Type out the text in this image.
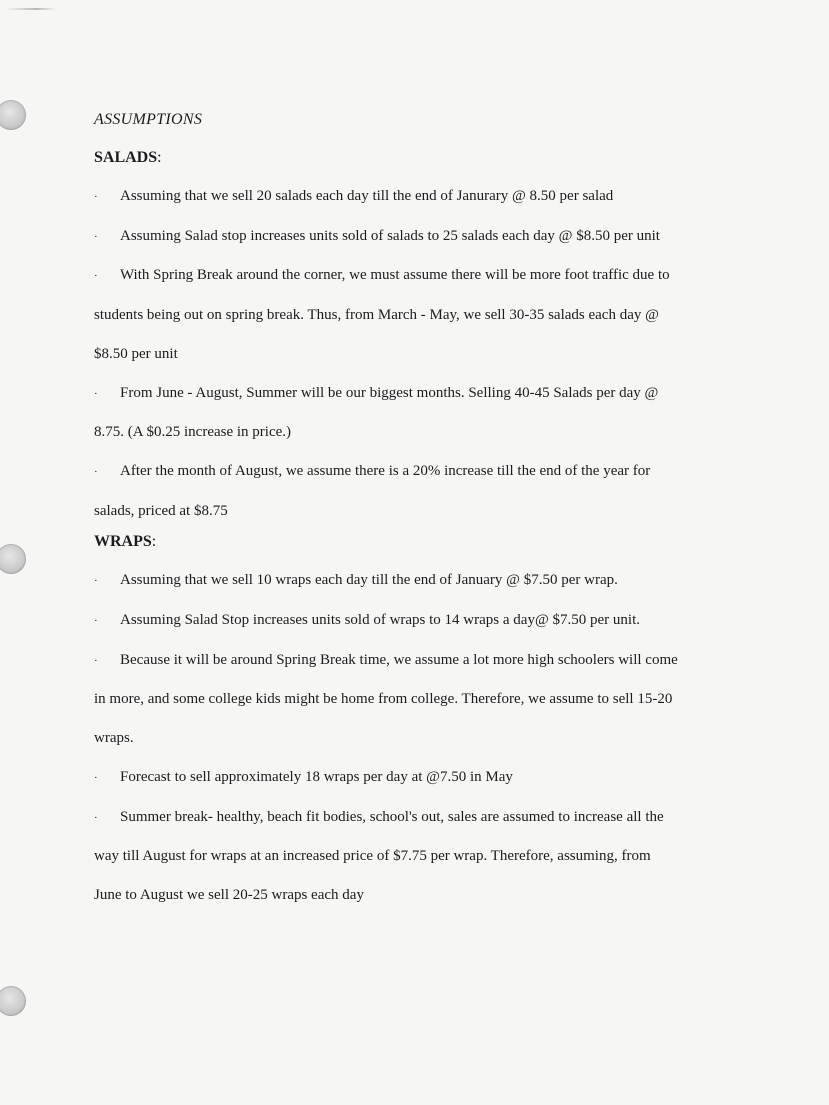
ASSUMPTIONS
SALADS:
· Assuming that we sell 20 salads each day till the end of Janurary @ 8.50 per salad
· Assuming Salad stop increases units sold of salads to 25 salads each day @ $8.50 per unit
· With Spring Break around the corner, we must assume there will be more foot traffic due to
students being out on spring break. Thus, from March - May, we sell 30-35 salads each day @
$8.50 per unit
· From June - August, Summer will be our biggest months. Selling 40-45 Salads per day @
8.75. (A $0.25 increase in price.)
· After the month of August, we assume there is a 20% increase till the end of the year for
salads, priced at $8.75
WRAPS:
· Assuming that we sell 10 wraps each day till the end of January @ $7.50 per wrap.
· Assuming Salad Stop increases units sold of wraps to 14 wraps a day@ $7.50 per unit.
· Because it will be around Spring Break time, we assume a lot more high schoolers will come
in more, and some college kids might be home from college. Therefore, we assume to sell 15-20
wraps.
· Forecast to sell approximately 18 wraps per day at @7.50 in May
· Summer break- healthy, beach fit bodies, school's out, sales are assumed to increase all the
way till August for wraps at an increased price of $7.75 per wrap. Therefore, assuming, from
June to August we sell 20-25 wraps each day
